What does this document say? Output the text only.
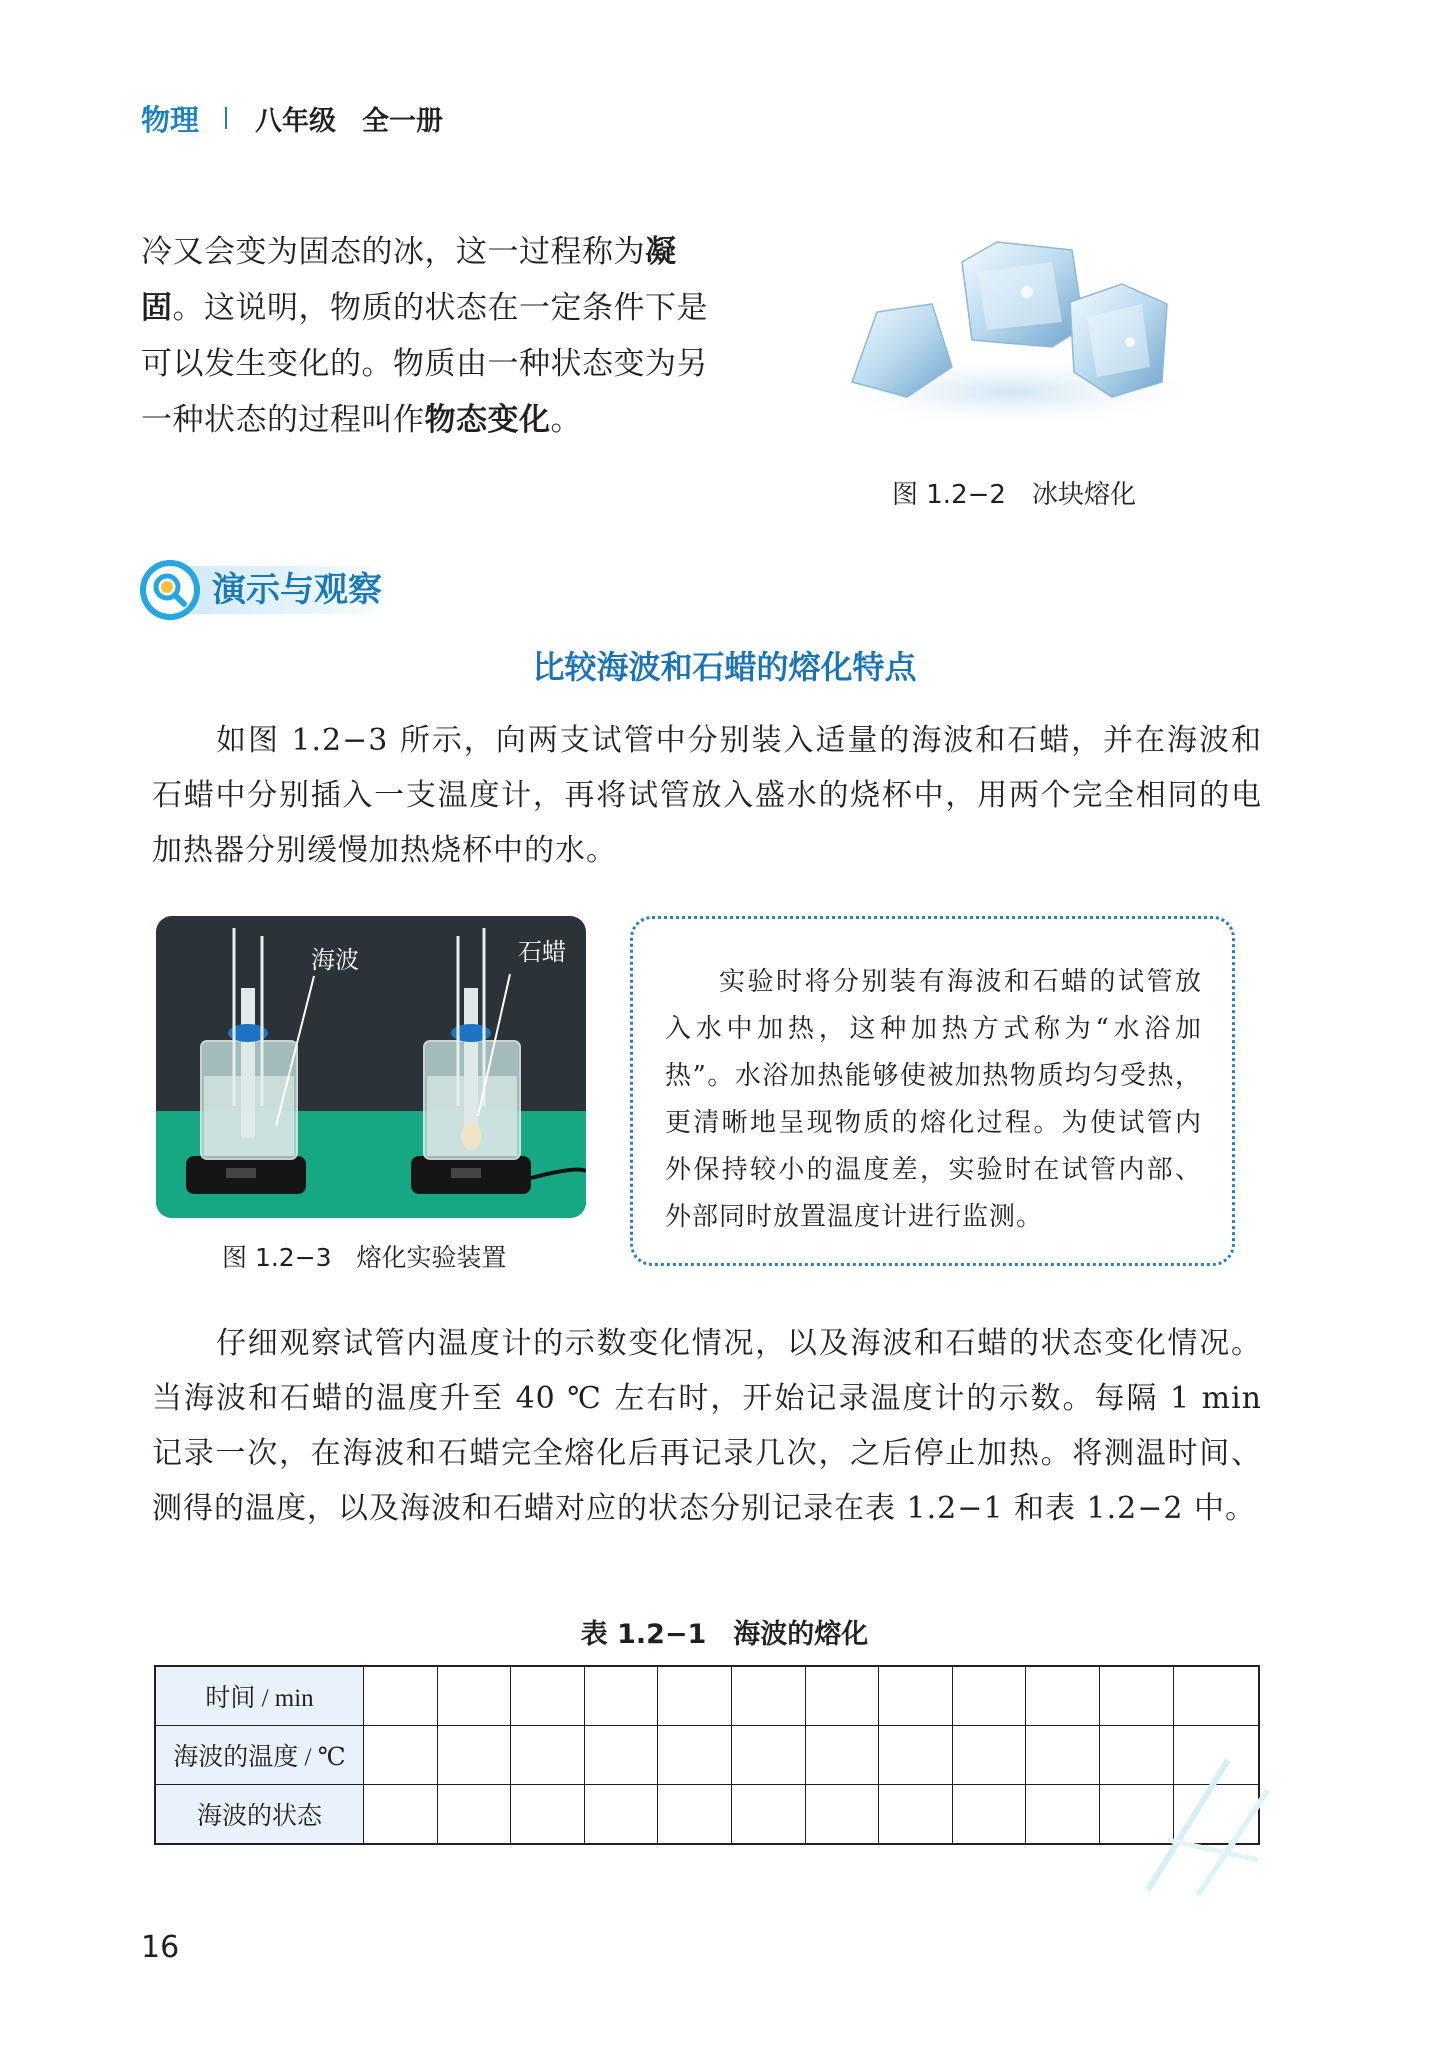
物理 八年级 全一册
冷又会变为固态的冰，这一过程称为凝固。这说明，物质的状态在一定条件下是可以发生变化的。物质由一种状态变为另一种状态的过程叫作物态变化。
图 1.2−2　冰块熔化
演示与观察
比较海波和石蜡的熔化特点
如图 1.2−3 所示，向两支试管中分别装入适量的海波和石蜡，并在海波和石蜡中分别插入一支温度计，再将试管放入盛水的烧杯中，用两个完全相同的电加热器分别缓慢加热烧杯中的水。
海波	石蜡
图 1.2−3　熔化实验装置
实验时将分别装有海波和石蜡的试管放入水中加热，这种加热方式称为“水浴加热”。水浴加热能够使被加热物质均匀受热，更清晰地呈现物质的熔化过程。为使试管内外保持较小的温度差，实验时在试管内部、外部同时放置温度计进行监测。
仔细观察试管内温度计的示数变化情况，以及海波和石蜡的状态变化情况。当海波和石蜡的温度升至 40 ℃ 左右时，开始记录温度计的示数。每隔 1 min 记录一次，在海波和石蜡完全熔化后再记录几次，之后停止加热。将测温时间、测得的温度，以及海波和石蜡对应的状态分别记录在表 1.2−1 和表 1.2−2 中。
表 1.2−1　海波的熔化
时间 / min												
海波的温度 / ℃												
海波的状态												
16
